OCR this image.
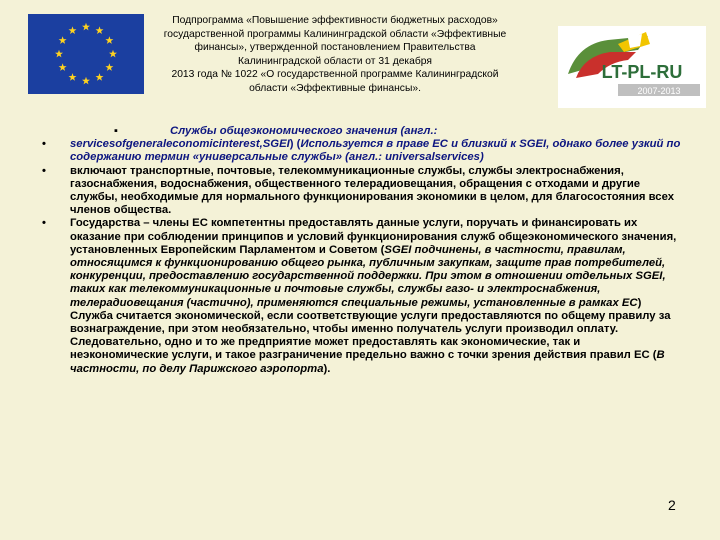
Подпрограмма «Повышение эффективности бюджетных расходов»
государственной программы Калининградской области «Эффективные
финансы», утвержденной постановлением Правительства
Калининградской области от 31 декабря
2013 года № 1022 «О государственной программе Калининградской
области «Эффективные финансы».
LT-PL-RU
2007-2013
▪	Службы общеэкономического значения (англ.:
• servicesofgeneraleconomicinterest,SGEI) (Используется в праве ЕС и близкий к SGEI, однако более узкий по содержанию термин «универсальные службы» (англ.: universalservices)
• включают транспортные, почтовые, телекоммуникационные службы, службы электроснабжения, газоснабжения, водоснабжения, общественного телерадиовещания, обращения с отходами и другие службы, необходимые для нормального функционирования экономики в целом, для благосостояния всех членов общества.
• Государства – члены ЕС компетентны предоставлять данные услуги, поручать и финансировать их оказание при соблюдении принципов и условий функционирования служб общеэкономического значения, установленных Европейским Парламентом и Советом (SGEI подчинены, в частности, правилам, относящимся к функционированию общего рынка, публичным закупкам, защите прав потребителей, конкуренции, предоставлению государственной поддержки. При этом в отношении отдельных SGEI, таких как телекоммуникационные и почтовые службы, службы газо- и электроснабжения, телерадиовещания (частично), применяются специальные режимы, установленные в рамках ЕС) Служба считается экономической, если соответствующие услуги предоставляются по общему правилу за вознаграждение, при этом необязательно, чтобы именно получатель услуги производил оплату. Следовательно, одно и то же предприятие может предоставлять как экономические, так и неэкономические услуги, и такое разграничение предельно важно с точки зрения действия правил ЕС (В частности, по делу Парижского аэропорта).
2
